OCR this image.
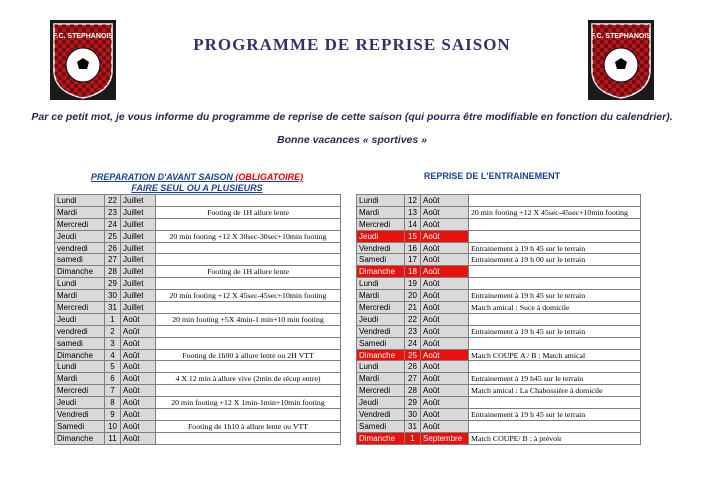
F.C. STEPHANOIS	F.C. STEPHANOIS
PROGRAMME DE REPRISE SAISON
Par ce petit mot, je vous informe du programme de reprise de cette saison (qui pourra être modifiable en fonction du calendrier).
Bonne vacances « sportives »
PREPARATION D'AVANT SAISON (OBLIGATOIRE)
FAIRE SEUL OU A PLUSIEURS
Lundi	22	Juillet	
Mardi	23	Juillet	Footing de 1H allure lente
Mercredi	24	Juillet	
Jeudi	25	Juillet	20 min footing +12 X 30sec-30sec+10min footing
vendredi	26	Juillet	
samedi	27	Juillet	
Dimanche	28	Juillet	Footing de 1H allure lente
Lundi	29	Juillet	
Mardi	30	Juillet	20 min footing +12 X 45sec-45sec+10min footing
Mercredi	31	Juillet	
Jeudi	1	Août	20 min footing +5X 4min-1 min+10 min footing
vendredi	2	Août	
samedi	3	Août	
Dimanche	4	Août	Footing de 1h00 à allure lente ou 2H VTT
Lundi	5	Août	
Mardi	6	Août	4 X 12 min à allure vive (2min de récup entre)
Mercredi	7	Août	
Jeudi	8	Août	20 min footing +12 X 1min-1min+10min footing
Vendredi	9	Août	
Samedi	10	Août	Footing de 1h10 à allure lente ou VTT
Dimanche	11	Août	
REPRISE DE L'ENTRAINEMENT
Lundi	12	Août	
Mardi	13	Août	20 min footing +12 X 45sec-45sec+10min footing
Mercredi	14	Août	
Jeudi	15	Août	
Vendredi	16	Août	Entrainement à 19 h 45 sur le terrain
Samedi	17	Août	Entrainement à 19 h 00 sur le terrain
Dimanche	18	Août	
Lundi	19	Août	
Mardi	20	Août	Entrainement à 19 h 45 sur le terrain
Mercredi	21	Août	Match amical : Suce à domicile
Jeudi	22	Août	
Vendredi	23	Août	Entrainement à 19 h 45 sur le terrain
Samedi	24	Août	
Dimanche	25	Août	Match COUPE A / B : Match amical
Lundi	26	Août	
Mardi	27	Août	Entrainement à 19 h45 sur le terrain
Mercredi	28	Août	Match amical : La Chabossière à domicile
Jeudi	29	Août	
Vendredi	30	Août	Entrainement à 19 h 45 sur le terrain
Samedi	31	Août	
Dimanche	1	Septembre	Match COUPE/ B : à prévoir
